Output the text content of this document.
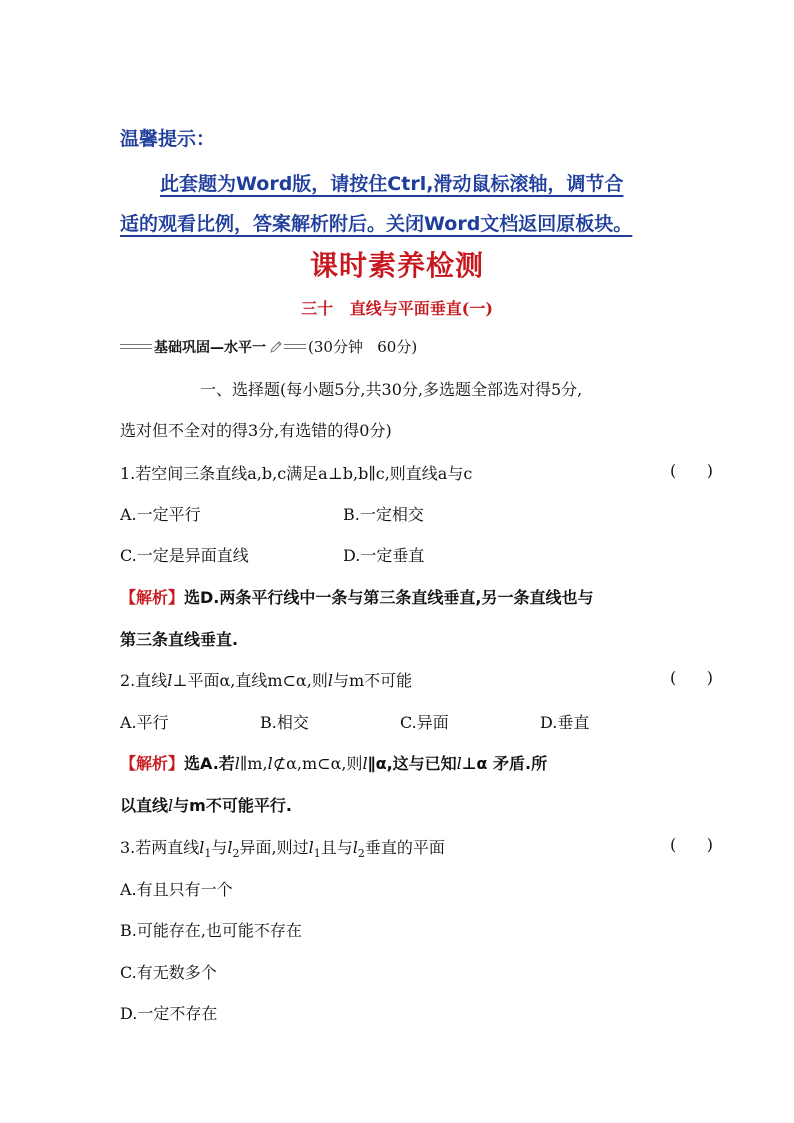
温馨提示：
此套题为Word版，请按住Ctrl,滑动鼠标滚轴，调节合
适的观看比例，答案解析附后。关闭Word文档返回原板块。
课时素养检测
三十   直线与平面垂直(一)
基础巩固—水平一	(30分钟   60分)
一、选择题(每小题5分,共30分,多选题全部选对得5分,
选对但不全对的得3分,有选错的得0分)
1.若空间三条直线a,b,c满足a⊥b,b∥c,则直线a与c	(      )
A.一定平行	B.一定相交
C.一定是异面直线	D.一定垂直
【解析】选D.两条平行线中一条与第三条直线垂直,另一条直线也与
第三条直线垂直.
2.直线l⊥平面α,直线m⊂α,则l与m不可能	(      )
A.平行	B.相交	C.异面	D.垂直
【解析】选A.若l∥m,l⊄α,m⊂α,则l∥α,这与已知l⊥α 矛盾.所
以直线l与m不可能平行.
3.若两直线$l_1$与$l_2$异面,则过$l_1$且与$l_2$垂直的平面	(      )
A.有且只有一个
B.可能存在,也可能不存在
C.有无数多个
D.一定不存在
